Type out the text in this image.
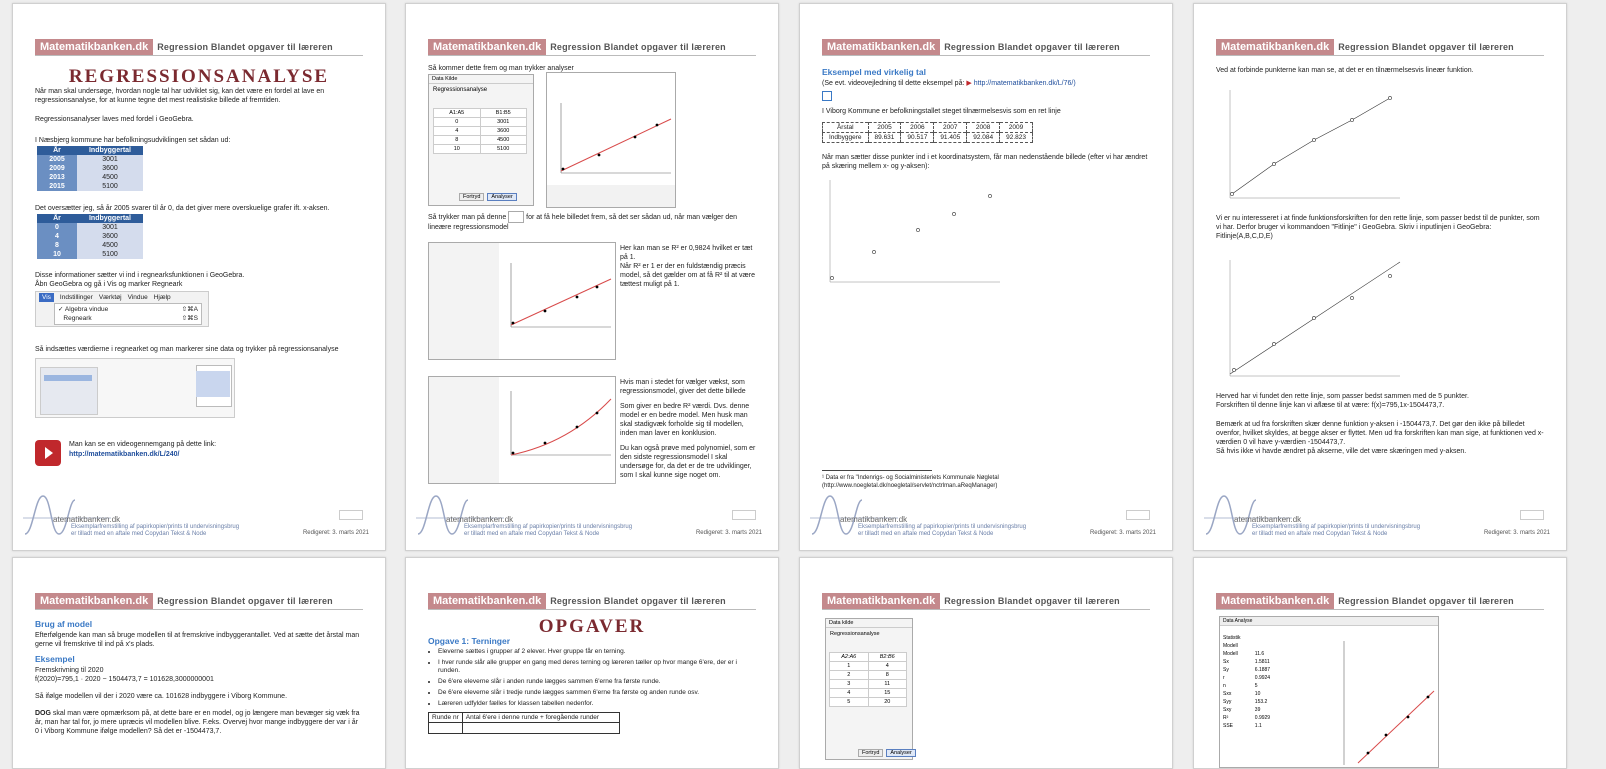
Matematikbanken.dk	Regression Blandet opgaver til læreren
REGRESSIONSANALYSE

Når man skal undersøge, hvordan nogle tal har udviklet sig, kan det være en fordel at lave en regressionsanalyse, for at kunne tegne det mest realistiske billede af fremtiden.

Regressionsanalyser laves med fordel i GeoGebra.

I Næsbjerg kommune har befolkningsudviklingen set sådan ud:

År	Indbyggertal
2005	3001
2009	3600
2013	4500
2015	5100

Det oversætter jeg, så år 2005 svarer til år 0, da det giver mere overskuelige grafer ift. x-aksen.

År	Indbyggertal
0	3001
4	3600
8	4500
10	5100

Disse informationer sætter vi ind i regnearksfunktionen i GeoGebra.

Åbn GeoGebra og gå i Vis og marker Regneark

Vis	Indstillinger Værktøj Vindue Hjælp
✓ Algebra vindue	⇧⌘A
Regneark	⇧⌘S

Så indsættes værdierne i regnearket og man markerer sine data og trykker på regressionsanalyse

Man kan se en videogennemgang på dette link:
http://matematikbanken.dk/L/240/
atematikbanken.dk
Eksemplarfremstilling af papirkopier/prints til undervisningsbrug
er tilladt med en aftale med Copydan Tekst & Node	Redigeret: 3. marts 2021
Matematikbanken.dk	Regression Blandet opgaver til læreren
Så kommer dette frem og man trykker analyser
Data Kilde
Regressionsanalyse
A1:A5	B1:B5
0	3001
4	3600
8	4500
10	5100
Fortryd	Analyser
Så trykker man på denne	for at få hele billedet frem, så det ser sådan ud, når man vælger den lineære regressionsmodel

Her kan man se R² er 0,9824 hvilket er tæt på 1.

Når R² er 1 er der en fuldstændig præcis model, så det gælder om at få R² til at være tættest muligt på 1.

Hvis man i stedet for vælger vækst, som regressionsmodel, giver det dette billede

Som giver en bedre R² værdi. Dvs. denne model er en bedre model. Men husk man skal stadigvæk forholde sig til modellen, inden man laver en konklusion.

Du kan også prøve med polynomiel, som er den sidste regressionsmodel I skal undersøge for, da det er de tre udviklinger, som I skal kunne sige noget om.

atematikbanken.dk
Eksemplarfremstilling af papirkopier/prints til undervisningsbrug
er tilladt med en aftale med Copydan Tekst & Node	Redigeret: 3. marts 2021
Matematikbanken.dk	Regression Blandet opgaver til læreren
Eksempel med virkelig tal

(Se evt. videovejledning til dette eksempel på: ▶ http://matematikbanken.dk/L/76/)

I Viborg Kommune er befolkningstallet steget tilnærmelsesvis som en ret linje

Årstal	2005	2006	2007	2008	2009
Indbyggere	89.631	90.517	91.405	92.084	92.823

Når man sætter disse punkter ind i et koordinatsystem, får man nedenstående billede (efter vi har ændret på skæring mellem x- og y-aksen):

¹ Data er fra "Indenrigs- og Socialministeriets Kommunale Nøgletal
(http://www.noegletal.dk/noegletal/servlet/nctrlman.aReqManager)
atematikbanken.dk
Eksemplarfremstilling af papirkopier/prints til undervisningsbrug
er tilladt med en aftale med Copydan Tekst & Node	Redigeret: 3. marts 2021
Matematikbanken.dk	Regression Blandet opgaver til læreren
Ved at forbinde punkterne kan man se, at det er en tilnærmelsesvis lineær funktion.
Vi er nu interesseret i at finde funktionsforskriften for den rette linje, som passer bedst til de punkter, som vi har. Derfor bruger vi kommandoen "Fitlinje" i GeoGebra. Skriv i inputlinjen i GeoGebra: Fitlinje(A,B,C,D,E)
Herved har vi fundet den rette linje, som passer bedst sammen med de 5 punkter.

Forskriften til denne linje kan vi aflæse til at være: f(x)=795,1x-1504473,7.

Bemærk at ud fra forskriften skær denne funktion y-aksen i -1504473,7. Det gør den ikke på billedet ovenfor, hvilket skyldes, at begge akser er flyttet. Men ud fra forskriften kan man sige, at funktionen ved x-værdien 0 vil have y-værdien -1504473,7.
Så hvis ikke vi havde ændret på akserne, ville det være skæringen med y-aksen.
atematikbanken.dk
Eksemplarfremstilling af papirkopier/prints til undervisningsbrug
er tilladt med en aftale med Copydan Tekst & Node	Redigeret: 3. marts 2021
Matematikbanken.dk	Regression Blandet opgaver til læreren
Brug af model

Efterfølgende kan man så bruge modellen til at fremskrive indbyggerantallet. Ved at sætte det årstal man gerne vil fremskrive til ind på x's plads.

Eksempel
Fremskrivning til 2020

f(2020)=795,1 · 2020 − 1504473,7 = 101628,3000000001

Så ifølge modellen vil der i 2020 være ca. 101628 indbyggere i Viborg Kommune.

DOG skal man være opmærksom på, at dette bare er en model, og jo længere man bevæger sig væk fra år, man har tal for, jo mere upræcis vil modellen blive. F.eks. Overvej hvor mange indbyggere der var i år 0 i Viborg Kommune ifølge modellen? Så det er -1504473,7.

Matematikbanken.dk	Regression Blandet opgaver til læreren
OPGAVER
Opgave 1: Terninger
• Eleverne sættes i grupper af 2 elever. Hver gruppe får en terning.
• I hver runde slår alle grupper en gang med deres terning og læreren tæller op hvor mange 6'ere, der er i runden.
• De 6'ere eleverne slår i anden runde lægges sammen 6'erne fra første runde.
• De 6'ere eleverne slår i tredje runde lægges sammen 6'erne fra første og anden runde osv.
• Læreren udfylder fælles for klassen tabellen nedenfor.
Runde nr	Antal 6'ere i denne runde + foregående runder

Matematikbanken.dk	Regression Blandet opgaver til læreren
Data kilde
Regressionsanalyse
A2:A6	B2:B6
1	4
2	8
3	11
4	15
5	20
Fortryd	Analyser
Matematikbanken.dk	Regression Blandet opgaver til læreren
Data Analyse
Statistik	
Modell	
Modell	11.6
Sx	1.5811
Sy	6.1887
r	0.9924
n	5
Sxx	10
Syy	153.2
Sxy	39
R²	0.9929
SSE	1.1
